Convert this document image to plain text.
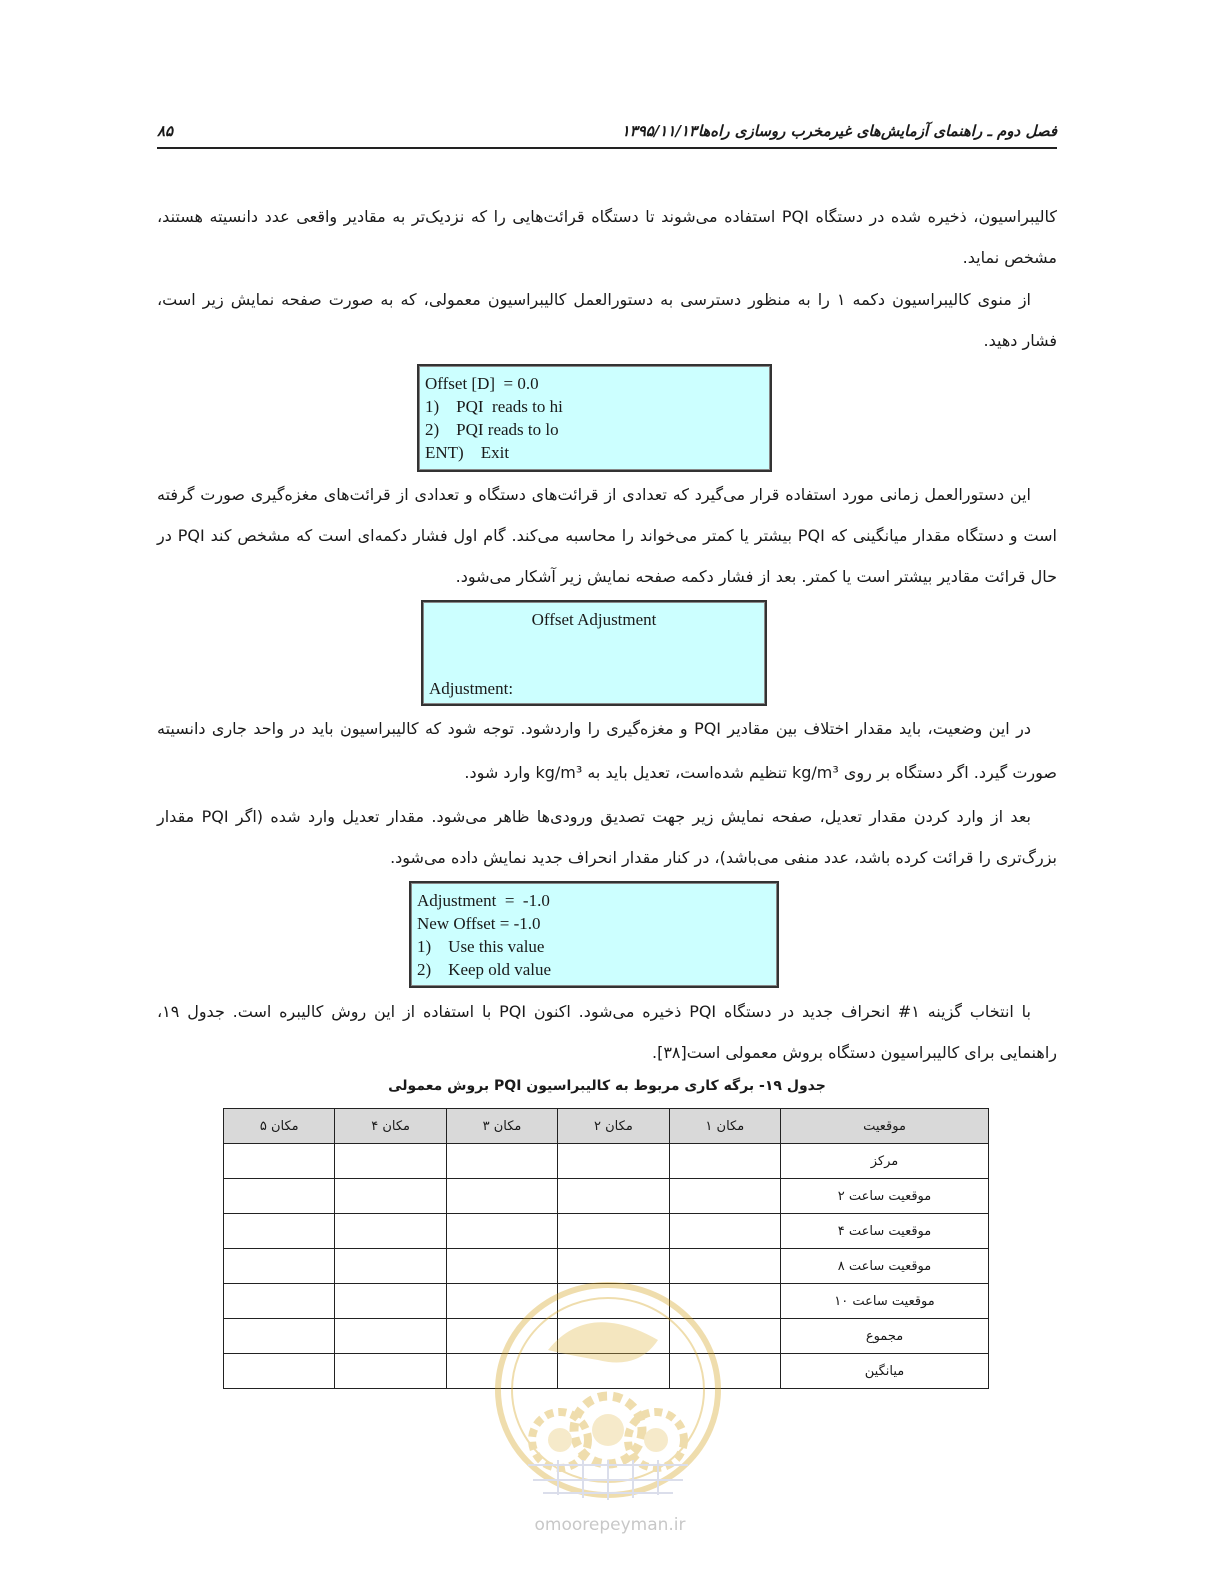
فصل دوم ـ راهنمای آزمایش‌های غیرمخرب روسازی راه‌ها
۱۳۹۵/۱۱/۱۳
۸۵

کالیبراسیون، ذخیره شده در دستگاه PQI استفاده می‌شوند تا دستگاه قرائت‌هایی را که نزدیک‌تر به مقادیر واقعی عدد دانسیته هستند، مشخص نماید.

از منوی کالیبراسیون دکمه ۱ را به منظور دسترسی به دستورالعمل کالیبراسیون معمولی، که به صورت صفحه نمایش زیر است، فشار دهید.

Offset [D]  = 0.0
1)    PQI  reads to hi
2)    PQI reads to lo
ENT)    Exit

این دستورالعمل زمانی مورد استفاده قرار می‌گیرد که تعدادی از قرائت‌های دستگاه و تعدادی از قرائت‌های مغزه‌گیری صورت گرفته است و دستگاه مقدار میانگینی که PQI بیشتر یا کمتر می‌خواند را محاسبه می‌کند. گام اول فشار دکمه‌ای است که مشخص کند PQI در حال قرائت مقادیر بیشتر است یا کمتر. بعد از فشار دکمه صفحه نمایش زیر آشکار می‌شود.

Offset Adjustment
Adjustment:

در این وضعیت، باید مقدار اختلاف بین مقادیر PQI و مغزه‌گیری را واردشود. توجه شود که کالیبراسیون باید در واحد جاری دانسیته صورت گیرد. اگر دستگاه بر روی kg/m³ تنظیم شده‌است، تعدیل باید به kg/m³ وارد شود.

بعد از وارد کردن مقدار تعدیل، صفحه نمایش زیر جهت تصدیق ورودی‌ها ظاهر می‌شود. مقدار تعدیل وارد شده (اگر PQI مقدار بزرگ‌تری را قرائت کرده باشد، عدد منفی می‌باشد)، در کنار مقدار انحراف جدید نمایش داده می‌شود.

Adjustment  =  -1.0
New Offset = -1.0
1)    Use this value
2)    Keep old value

با انتخاب گزینه ۱# انحراف جدید در دستگاه PQI ذخیره می‌شود. اکنون PQI با استفاده از این روش کالیبره است. جدول ۱۹، راهنمایی برای کالیبراسیون دستگاه بروش معمولی است[۳۸].

جدول ۱۹- برگه کاری مربوط به کالیبراسیون PQI بروش معمولی
موقعیت	مکان ۱	مکان ۲	مکان ۳	مکان ۴	مکان ۵
مرکز					
موقعیت ساعت ۲					
موقعیت ساعت ۴					
موقعیت ساعت ۸					
موقعیت ساعت ۱۰					
مجموع					
میانگین					
omoorepeyman.ir
